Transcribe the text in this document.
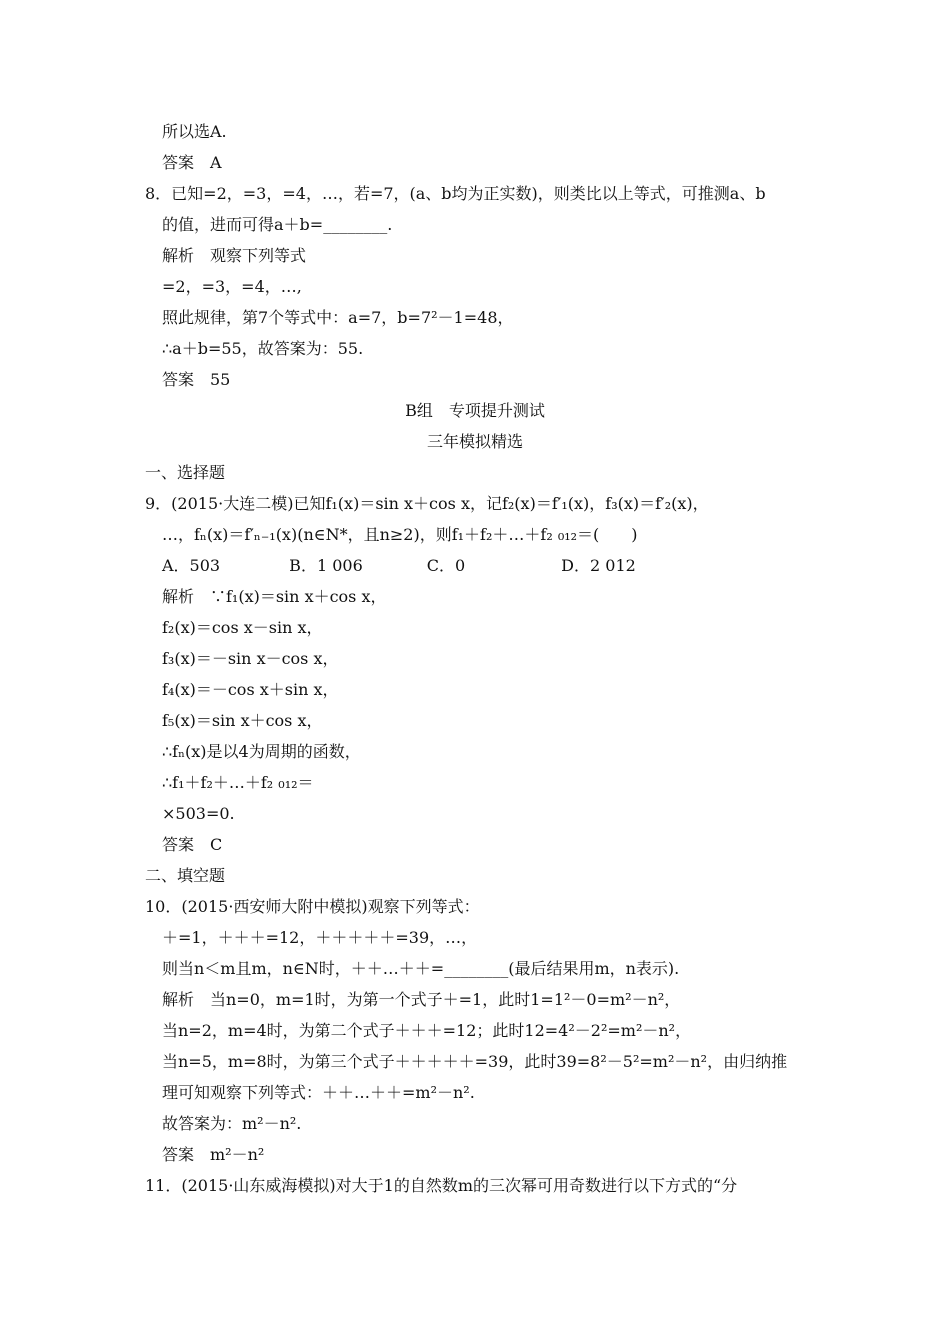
所以选A.
答案　A
8．已知=2，=3，=4，…，若=7，(a、b均为正实数)，则类比以上等式，可推测a、b
的值，进而可得a＋b=________.
解析　观察下列等式
=2，=3，=4，…,
照此规律，第7个等式中：a=7，b=7²－1=48，
∴a＋b=55，故答案为：55.
答案　55
B组　专项提升测试
三年模拟精选
一、选择题
9．(2015·大连二模)已知f₁(x)＝sin x＋cos x，记f₂(x)＝f′₁(x)，f₃(x)＝f′₂(x)，
…，fₙ(x)＝f′ₙ₋₁(x)(n∈N*，且n≥2)，则f₁＋f₂＋…＋f₂ ₀₁₂＝(　　)
A．503　　　　 B．1 006　　　　C．0　　　　　　D．2 012
解析　∵f₁(x)＝sin x＋cos x，
f₂(x)＝cos x－sin x，
f₃(x)＝－sin x－cos x，
f₄(x)＝－cos x＋sin x，
f₅(x)＝sin x＋cos x，
∴fₙ(x)是以4为周期的函数，
∴f₁＋f₂＋…＋f₂ ₀₁₂＝
×503=0.
答案　C
二、填空题
10．(2015·西安师大附中模拟)观察下列等式：
＋=1，＋＋＋=12，＋＋＋＋＋=39，…，
则当n＜m且m，n∈N时，＋＋…＋＋=________(最后结果用m，n表示).
解析　当n=0，m=1时，为第一个式子＋=1，此时1=1²－0=m²－n²，
当n=2，m=4时，为第二个式子＋＋＋=12；此时12=4²－2²=m²－n²，
当n=5，m=8时，为第三个式子＋＋＋＋＋=39，此时39=8²－5²=m²－n²，由归纳推
理可知观察下列等式：＋＋…＋＋=m²－n².
故答案为：m²－n².
答案　m²－n²
11．(2015·山东威海模拟)对大于1的自然数m的三次幂可用奇数进行以下方式的“分
